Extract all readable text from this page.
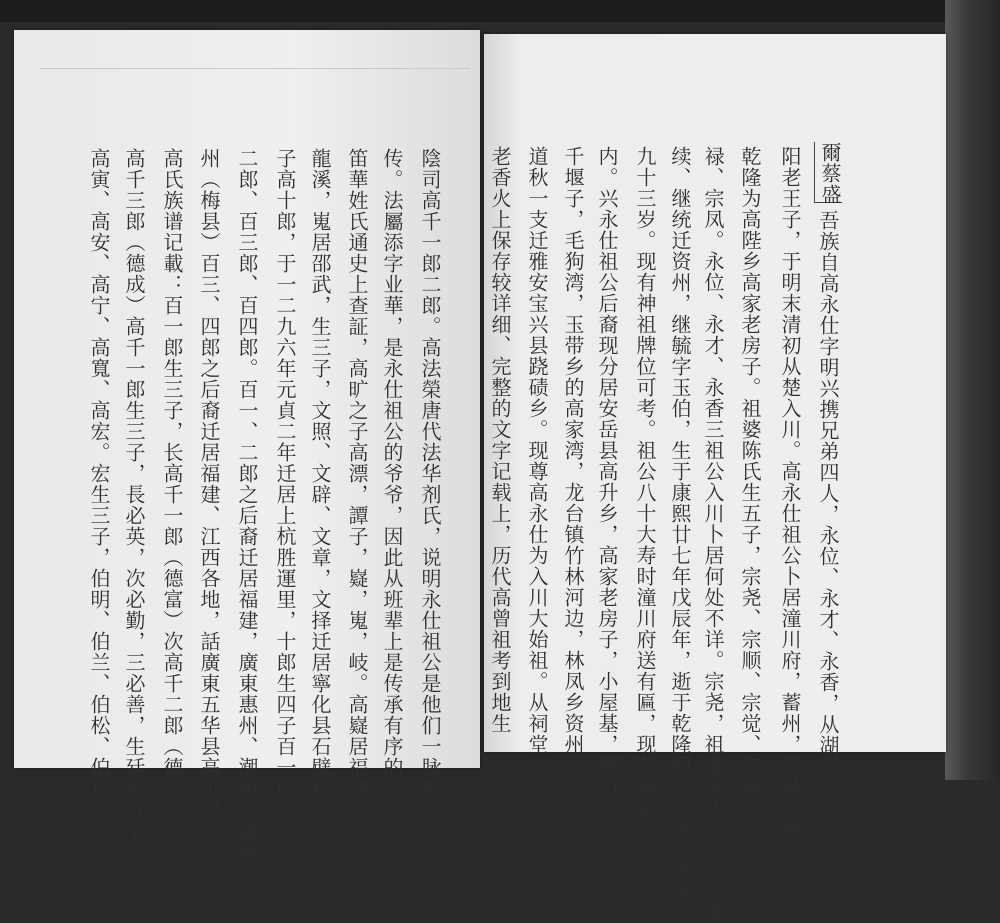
陰司高千一郎二郎。高法榮唐代法华剂氏，说明永仕祖公是他们一脉相
传。法屬添字业華，是永仕祖公的爷爷，因此从班辈上是传承有序的。但
笛華姓氏通史上查証，高旷之子高漂，譚子，嶷，嵬，岐。高嶷居福建
龍溪，嵬居邵武，生三子，文照、文辟、文章，文择迁居寧化县石壁村生一
子高十郎，于一二九六年元貞二年迁居上杭胜運里，十郎生四子百一郎、百
二郎、百三郎、百四郎。百一、二郎之后裔迁居福建，廣東惠州、潮州、嘉應
州（梅县）百三、四郎之后裔迁居福建、江西各地，話廣東五华县高坑村
高氏族谱记載：百一郎生三子，长高千一郎（德富）次高千二郎（德远）三
高千三郎（德成）高千一郎生三子，長必英，次必勤，三必善，生廷信五子，
高寅、高安、高宁、高寬、高宏。宏生三子，伯明、伯兰、伯松、伯松	爾蔡盛
吾族自高永仕字明兴携兄弟四人，永位、永才、永香，从湖南邵
阳老王子，于明末清初从楚入川。高永仕祖公卜居潼川府，蓄州，长林乡清
乾隆为高陛乡高家老房子。祖婆陈氏生五子，宗尧、宗顺、宗觉、宗禄
禄、宗凤。永位、永才、永香三祖公入川卜居何处不详。宗尧，祖婆陈氏生三子：继
续、继统迁资州，继毓字玉伯，生于康熙廿七年戊辰年，逝于乾隆四十五年，享年
九十三岁。现有神祖牌位可考。祖公八十大寿时潼川府送有匾，现存祠堂
内。兴永仕祖公后裔现分居安岳县高升乡，高家老房子，小屋基，朝门
千堰子，毛狗湾，玉带乡的高家湾，龙台镇竹林河边，林凤乡资州
道秋一支迁雅安宝兴县跷碛乡。现尊高永仕为入川大始祖。从祠堂
老香火上保存较详细、完整的文字记载上，历代高曾祖考到地生
